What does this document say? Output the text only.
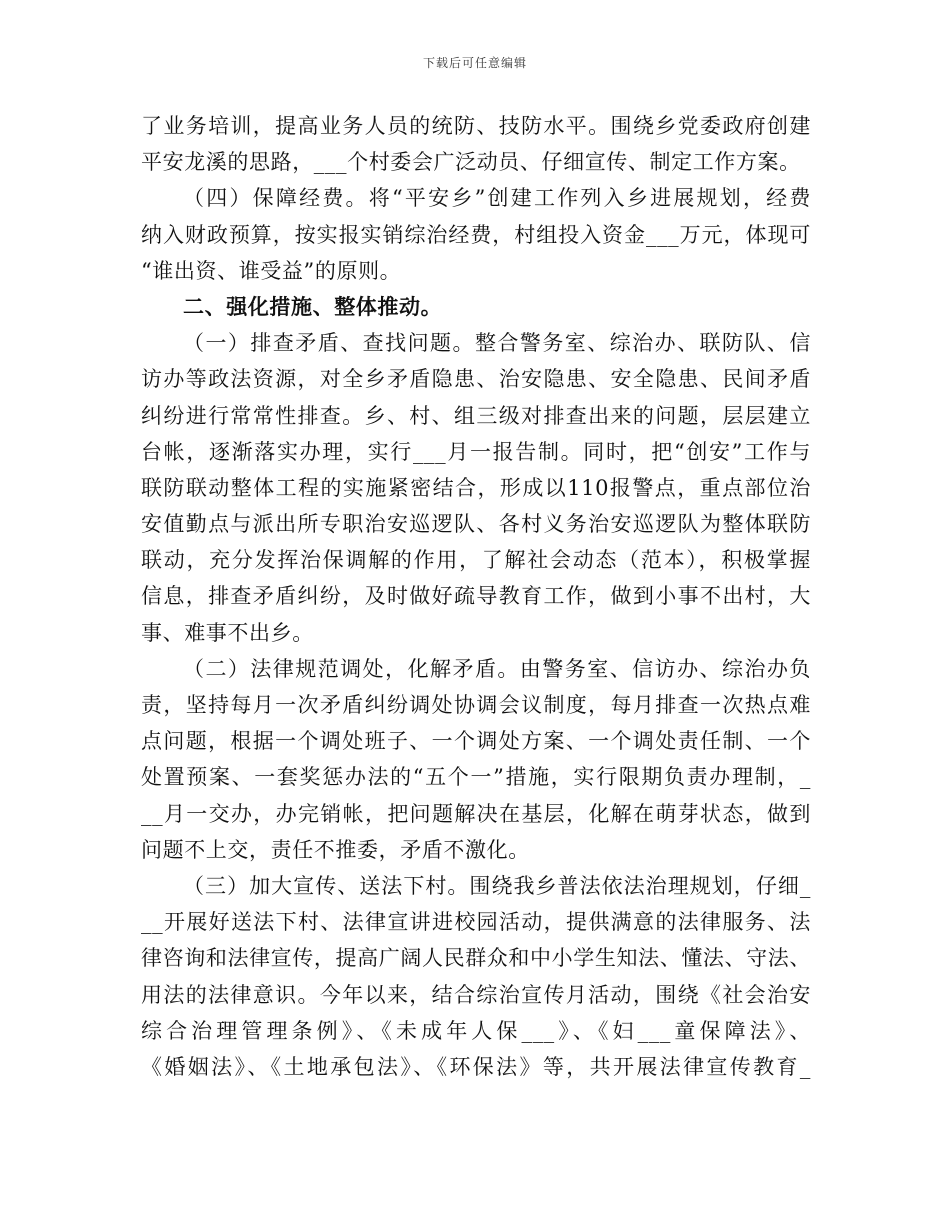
下载后可任意编辑
了业务培训，提高业务人员的统防、技防水平。围绕乡党委政府创建
平安龙溪的思路，___个村委会广泛动员、仔细宣传、制定工作方案。
（四）保障经费。将“平安乡”创建工作列入乡进展规划，经费
纳入财政预算，按实报实销综治经费，村组投入资金___万元，体现可
“谁出资、谁受益”的原则。
二、强化措施、整体推动。
（一）排查矛盾、查找问题。整合警务室、综治办、联防队、信
访办等政法资源，对全乡矛盾隐患、治安隐患、安全隐患、民间矛盾
纠纷进行常常性排查。乡、村、组三级对排查出来的问题，层层建立
台帐，逐渐落实办理，实行___月一报告制。同时，把“创安”工作与
联防联动整体工程的实施紧密结合，形成以110报警点，重点部位治
安值勤点与派出所专职治安巡逻队、各村义务治安巡逻队为整体联防
联动，充分发挥治保调解的作用，了解社会动态（范本），积极掌握
信息，排查矛盾纠纷，及时做好疏导教育工作，做到小事不出村，大
事、难事不出乡。
（二）法律规范调处，化解矛盾。由警务室、信访办、综治办负
责，坚持每月一次矛盾纠纷调处协调会议制度，每月排查一次热点难
点问题，根据一个调处班子、一个调处方案、一个调处责任制、一个
处置预案、一套奖惩办法的“五个一”措施，实行限期负责办理制，_
__月一交办，办完销帐，把问题解决在基层，化解在萌芽状态，做到
问题不上交，责任不推委，矛盾不激化。
（三）加大宣传、送法下村。围绕我乡普法依法治理规划，仔细_
__开展好送法下村、法律宣讲进校园活动，提供满意的法律服务、法
律咨询和法律宣传，提高广阔人民群众和中小学生知法、懂法、守法、
用法的法律意识。今年以来，结合综治宣传月活动，围绕《社会治安
综合治理管理条例》、《未成年人保___》、《妇___童保障法》、
《婚姻法》、《土地承包法》、《环保法》等，共开展法律宣传教育_
